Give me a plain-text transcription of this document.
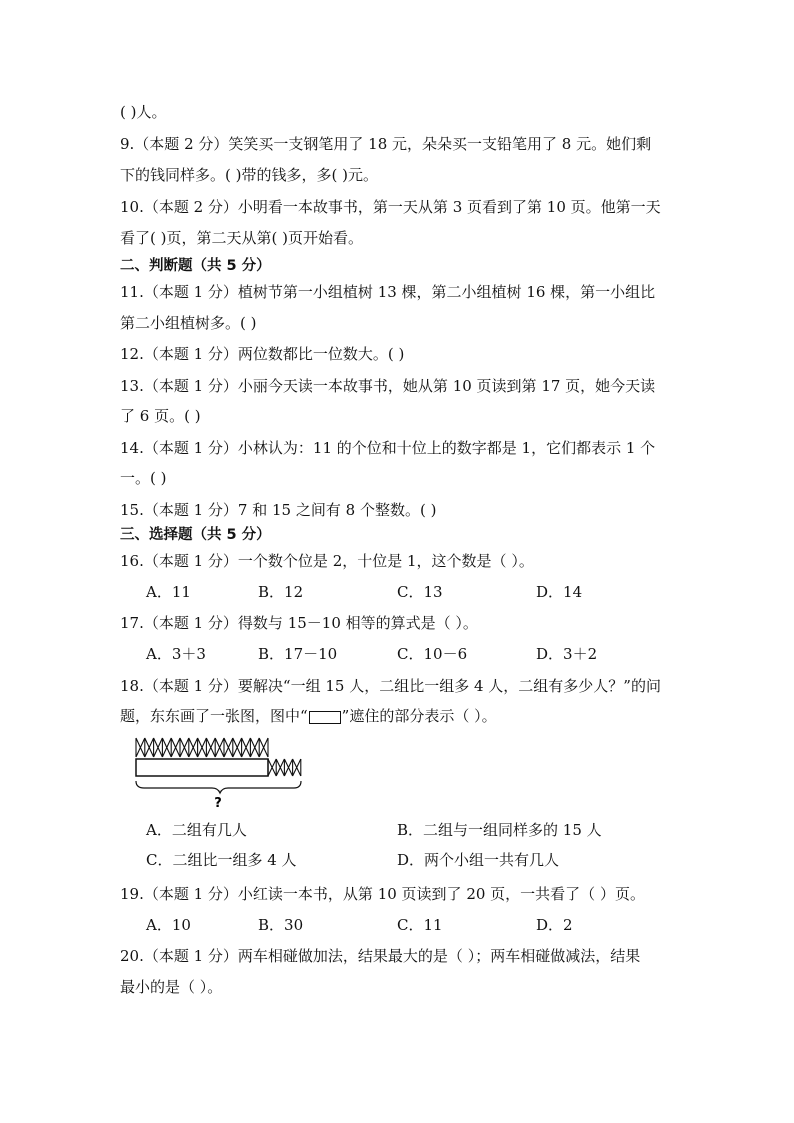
( )人。
9.（本题 2 分）笑笑买一支钢笔用了 18 元，朵朵买一支铅笔用了 8 元。她们剩
下的钱同样多。( )带的钱多，多( )元。
10.（本题 2 分）小明看一本故事书，第一天从第 3 页看到了第 10 页。他第一天
看了( )页，第二天从第( )页开始看。
二、判断题（共 5 分）
11.（本题 1 分）植树节第一小组植树 13 棵，第二小组植树 16 棵，第一小组比
第二小组植树多。( )
12.（本题 1 分）两位数都比一位数大。( )
13.（本题 1 分）小丽今天读一本故事书，她从第 10 页读到第 17 页，她今天读
了 6 页。( )
14.（本题 1 分）小林认为：11 的个位和十位上的数字都是 1，它们都表示 1 个
一。( )
15.（本题 1 分）7 和 15 之间有 8 个整数。( )
三、选择题（共 5 分）
16.（本题 1 分）一个数个位是 2，十位是 1，这个数是（ ）。
A．11	B．12	C．13	D．14
17.（本题 1 分）得数与 15－10 相等的算式是（ ）。
A．3＋3	B．17－10	C．10－6	D．3＋2
18.（本题 1 分）要解决“一组 15 人，二组比一组多 4 人，二组有多少人？”的问
题，东东画了一张图，图中“ ”遮住的部分表示（ ）。
?
A．二组有几人	B．二组与一组同样多的 15 人
C．二组比一组多 4 人	D．两个小组一共有几人
19.（本题 1 分）小红读一本书，从第 10 页读到了 20 页，一共看了（ ）页。
A．10	B．30	C．11	D．2
20.（本题 1 分）两车相碰做加法，结果最大的是（ ）；两车相碰做减法，结果
最小的是（ ）。
